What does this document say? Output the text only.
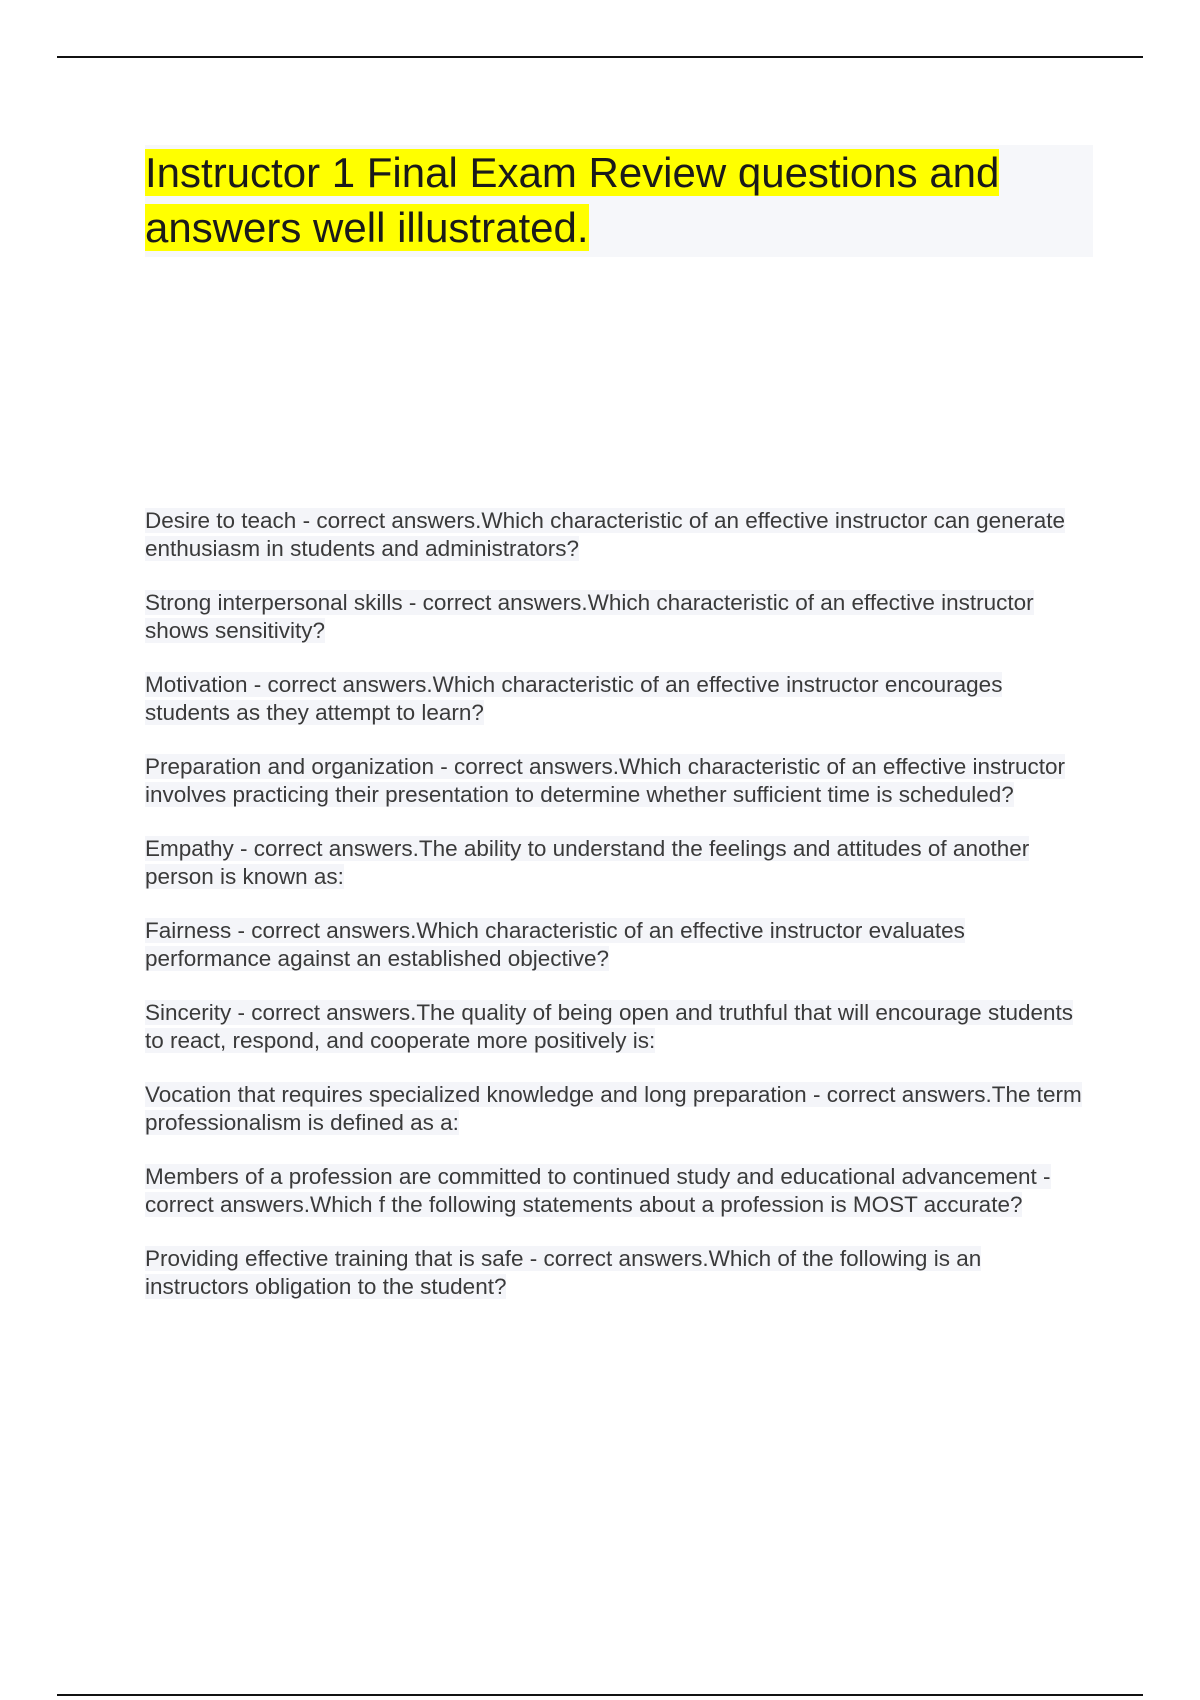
Instructor 1 Final Exam Review questions and answers well illustrated.
Desire to teach - correct answers.Which characteristic of an effective instructor can generate enthusiasm in students and administrators?
Strong interpersonal skills - correct answers.Which characteristic of an effective instructor shows sensitivity?
Motivation - correct answers.Which characteristic of an effective instructor encourages students as they attempt to learn?
Preparation and organization - correct answers.Which characteristic of an effective instructor involves practicing their presentation to determine whether sufficient time is scheduled?
Empathy - correct answers.The ability to understand the feelings and attitudes of another person is known as:
Fairness - correct answers.Which characteristic of an effective instructor evaluates performance against an established objective?
Sincerity - correct answers.The quality of being open and truthful that will encourage students to react, respond, and cooperate more positively is:
Vocation that requires specialized knowledge and long preparation - correct answers.The term professionalism is defined as a:
Members of a profession are committed to continued study and educational advancement - correct answers.Which f the following statements about a profession is MOST accurate?
Providing effective training that is safe - correct answers.Which of the following is an instructors obligation to the student?
